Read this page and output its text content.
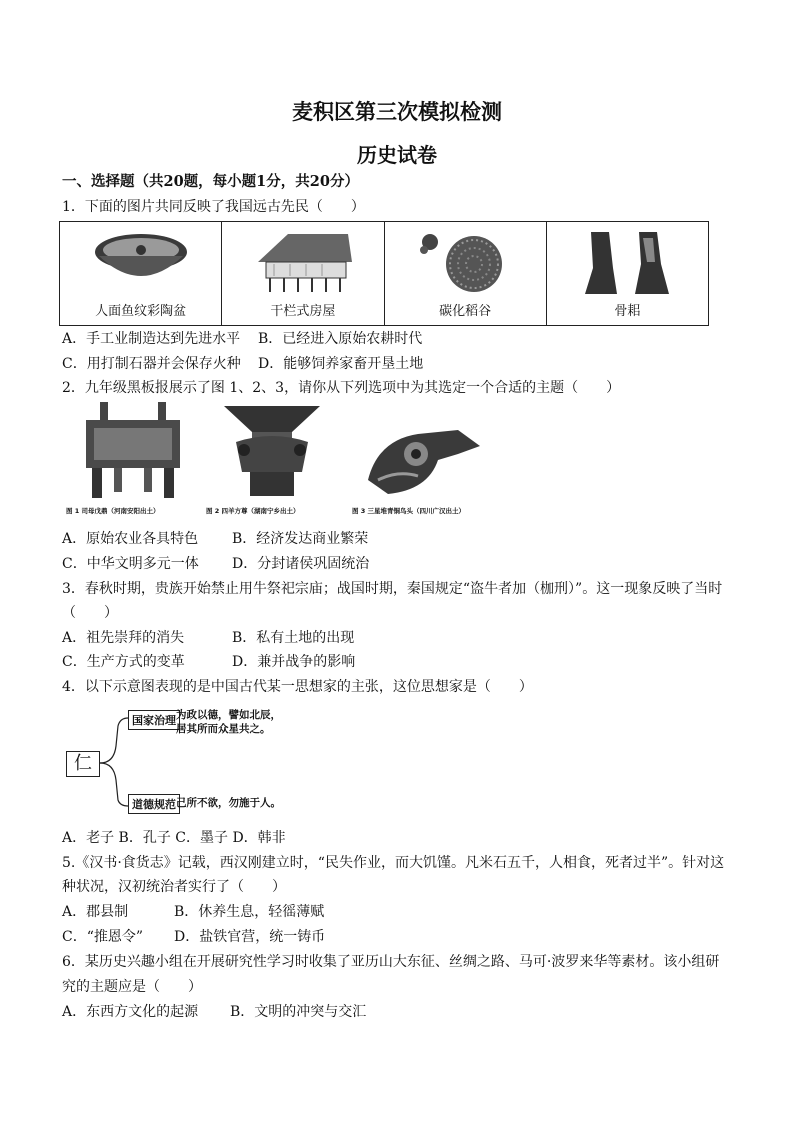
麦积区第三次模拟检测
历史试卷
一、选择题（共20题，每小题1分，共20分）
1．下面的图片共同反映了我国远古先民（　　）
人面鱼纹彩陶盆	干栏式房屋	碳化稻谷	骨耜
A．手工业制造达到先进水平 B．已经进入原始农耕时代
C．用打制石器并会保存火种 D．能够饲养家畜开垦土地
2．九年级黑板报展示了图 1、2、3，请你从下列选项中为其选定一个合适的主题（　　）
图 1 司母戊鼎（河南安阳出土）	图 2 四羊方尊（湖南宁乡出土）	图 3 三星堆青铜鸟头（四川广汉出土）
A．原始农业各具特色 B．经济发达商业繁荣
C．中华文明多元一体 D．分封诸侯巩固统治
3．春秋时期，贵族开始禁止用牛祭祀宗庙；战国时期，秦国规定“盗牛者加（枷刑）”。这一现象反映了当时
（　　）
A．祖先崇拜的消失	B．私有土地的出现
C．生产方式的变革	D．兼并战争的影响
4．以下示意图表现的是中国古代某一思想家的主张，这位思想家是（　　）
仁
国家治理 为政以德，譬如北辰，
居其所而众星共之。
道德规范 己所不欲，勿施于人。
A．老子 B．孔子 C．墨子 D．韩非
5.《汉书·食货志》记载，西汉刚建立时，“民失作业，而大饥馑。凡米石五千，人相食，死者过半”。针对这
种状况，汉初统治者实行了（　　）
A．郡县制	B．休养生息，轻徭薄赋
C．“推恩令” D．盐铁官营，统一铸币
6．某历史兴趣小组在开展研究性学习时收集了亚历山大东征、丝绸之路、马可·波罗来华等素材。该小组研
究的主题应是（　　）
A．东西方文化的起源 B．文明的冲突与交汇
